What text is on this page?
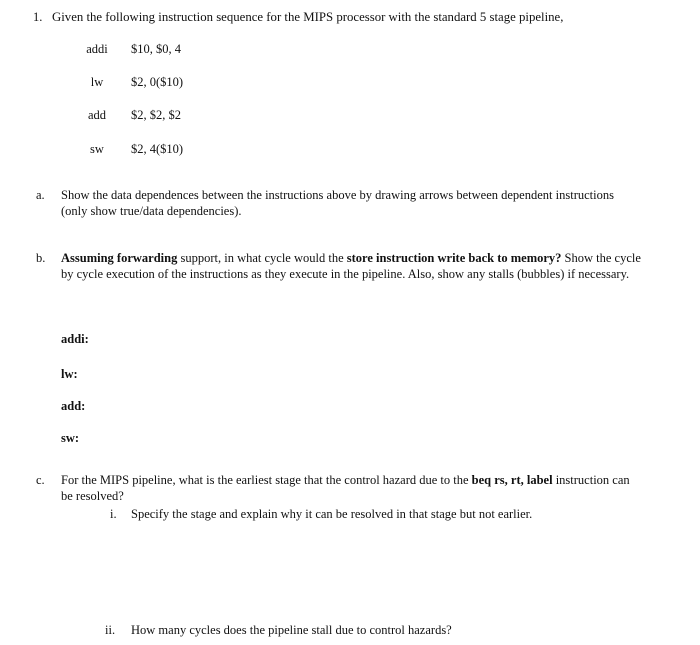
1. Given the following instruction sequence for the MIPS processor with the standard 5 stage pipeline,
addi	$10, $0, 4
lw	$2, 0($10)
add	$2, $2, $2
sw	$2, 4($10)
a. Show the data dependences between the instructions above by drawing arrows between dependent instructions (only show true/data dependencies).
b. Assuming forwarding support, in what cycle would the store instruction write back to memory? Show the cycle by cycle execution of the instructions as they execute in the pipeline. Also, show any stalls (bubbles) if necessary.
addi:
lw:
add:
sw:
c. For the MIPS pipeline, what is the earliest stage that the control hazard due to the beq rs, rt, label instruction can be resolved?
i. Specify the stage and explain why it can be resolved in that stage but not earlier.
ii. How many cycles does the pipeline stall due to control hazards?
